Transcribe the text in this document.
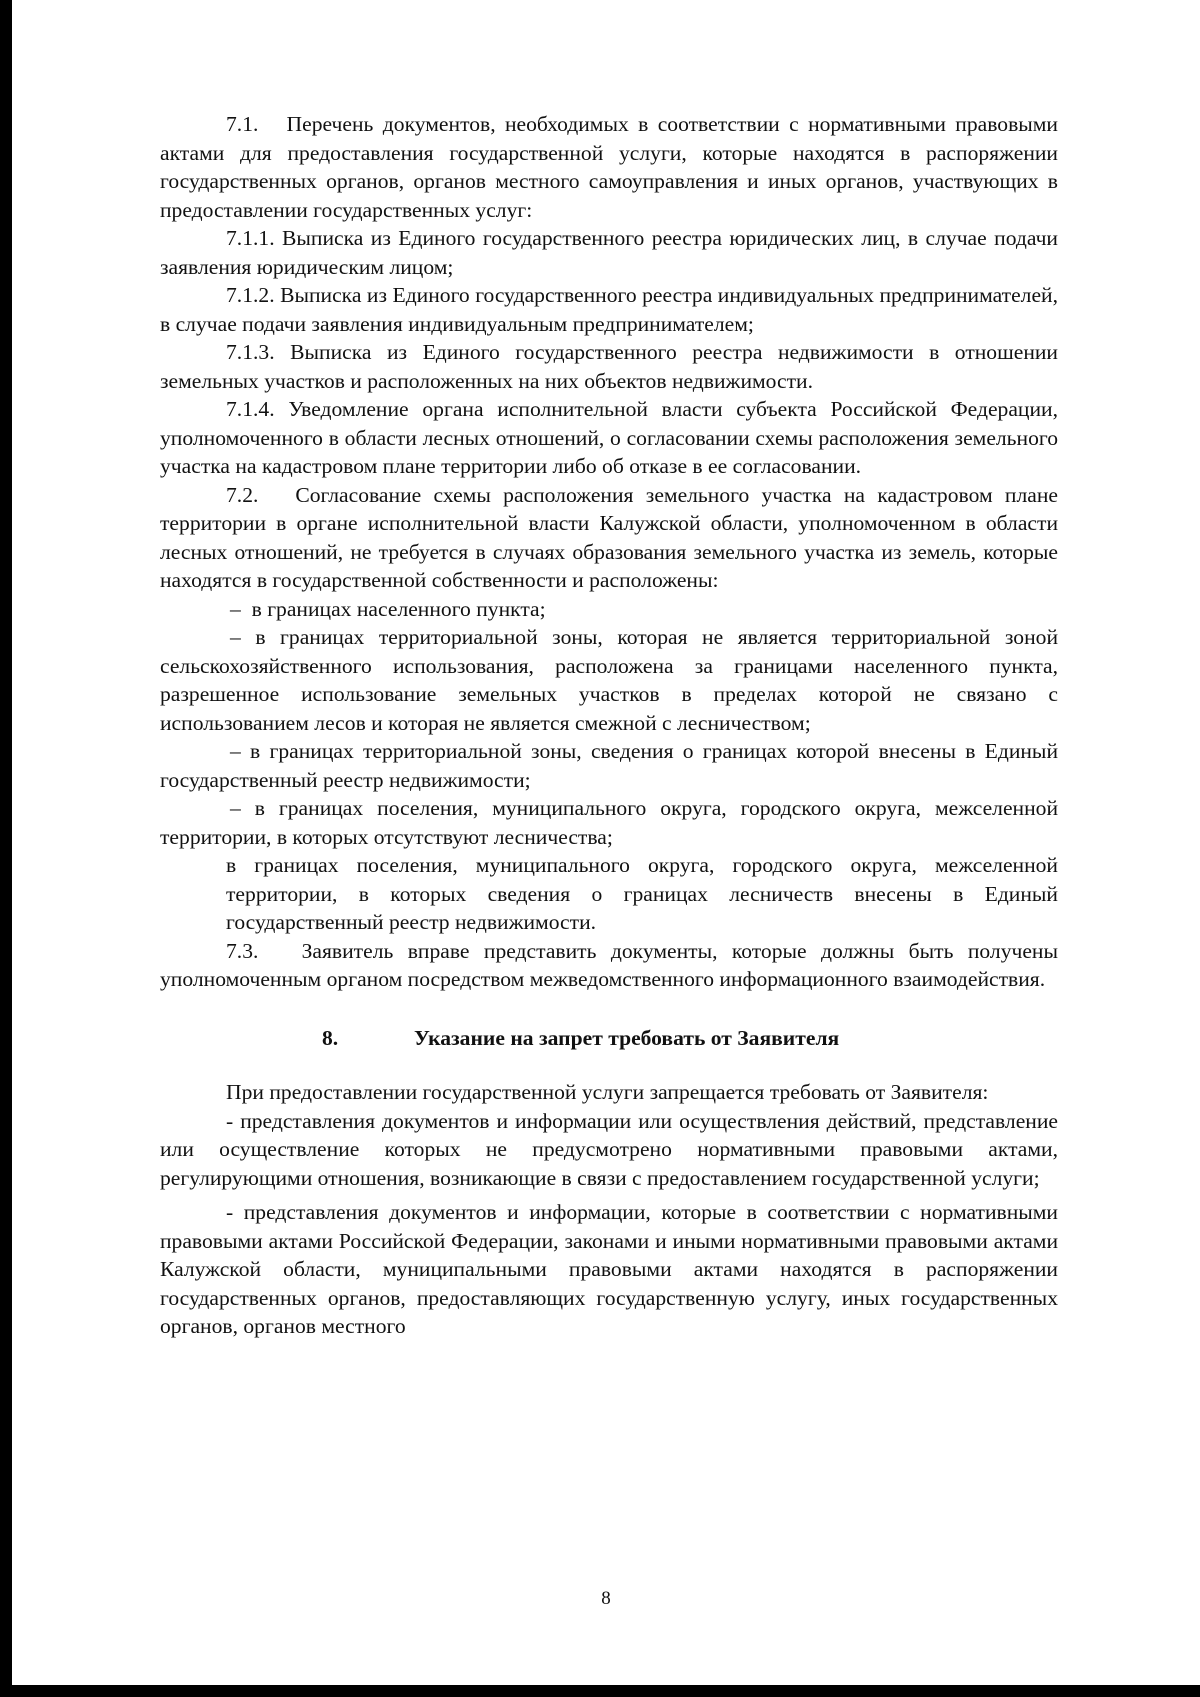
7.1.   Перечень документов, необходимых в соответствии с нормативными правовыми актами для предоставления государственной услуги, которые находятся в распоряжении государственных органов, органов местного самоуправления и иных органов, участвующих в предоставлении государственных услуг:

7.1.1. Выписка из Единого государственного реестра юридических лиц, в случае подачи заявления юридическим лицом;

7.1.2. Выписка из Единого государственного реестра индивидуальных предпринимателей, в случае подачи заявления индивидуальным предпринимателем;

7.1.3. Выписка из Единого государственного реестра недвижимости в отношении земельных участков и расположенных на них объектов недвижимости.

7.1.4. Уведомление органа исполнительной власти субъекта Российской Федерации, уполномоченного в области лесных отношений, о согласовании схемы расположения земельного участка на кадастровом плане территории либо об отказе в ее согласовании.

7.2.   Согласование схемы расположения земельного участка на кадастровом плане территории в органе исполнительной власти Калужской области, уполномоченном в области лесных отношений, не требуется в случаях образования земельного участка из земель, которые находятся в государственной собственности и расположены:

–  в границах населенного пункта;

– в границах территориальной зоны, которая не является территориальной зоной сельскохозяйственного использования, расположена за границами населенного пункта, разрешенное использование земельных участков в пределах которой не связано с использованием лесов и которая не является смежной с лесничеством;

– в границах территориальной зоны, сведения о границах которой внесены в Единый государственный реестр недвижимости;

– в границах поселения, муниципального округа, городского округа, межселенной территории, в которых отсутствуют лесничества;

в границах поселения, муниципального округа, городского округа, межселенной территории, в которых сведения о границах лесничеств внесены в Единый государственный реестр недвижимости.

7.3.   Заявитель вправе представить документы, которые должны быть получены уполномоченным органом посредством межведомственного информационного взаимодействия.

8.	Указание на запрет требовать от Заявителя

При предоставлении государственной услуги запрещается требовать от Заявителя:

- представления документов и информации или осуществления действий, представление или осуществление которых не предусмотрено нормативными правовыми актами, регулирующими отношения, возникающие в связи с предоставлением государственной услуги;

- представления документов и информации, которые в соответствии с нормативными правовыми актами Российской Федерации, законами и иными нормативными правовыми актами Калужской области, муниципальными правовыми актами находятся в распоряжении государственных органов, предоставляющих государственную услугу, иных государственных органов, органов местного

8
